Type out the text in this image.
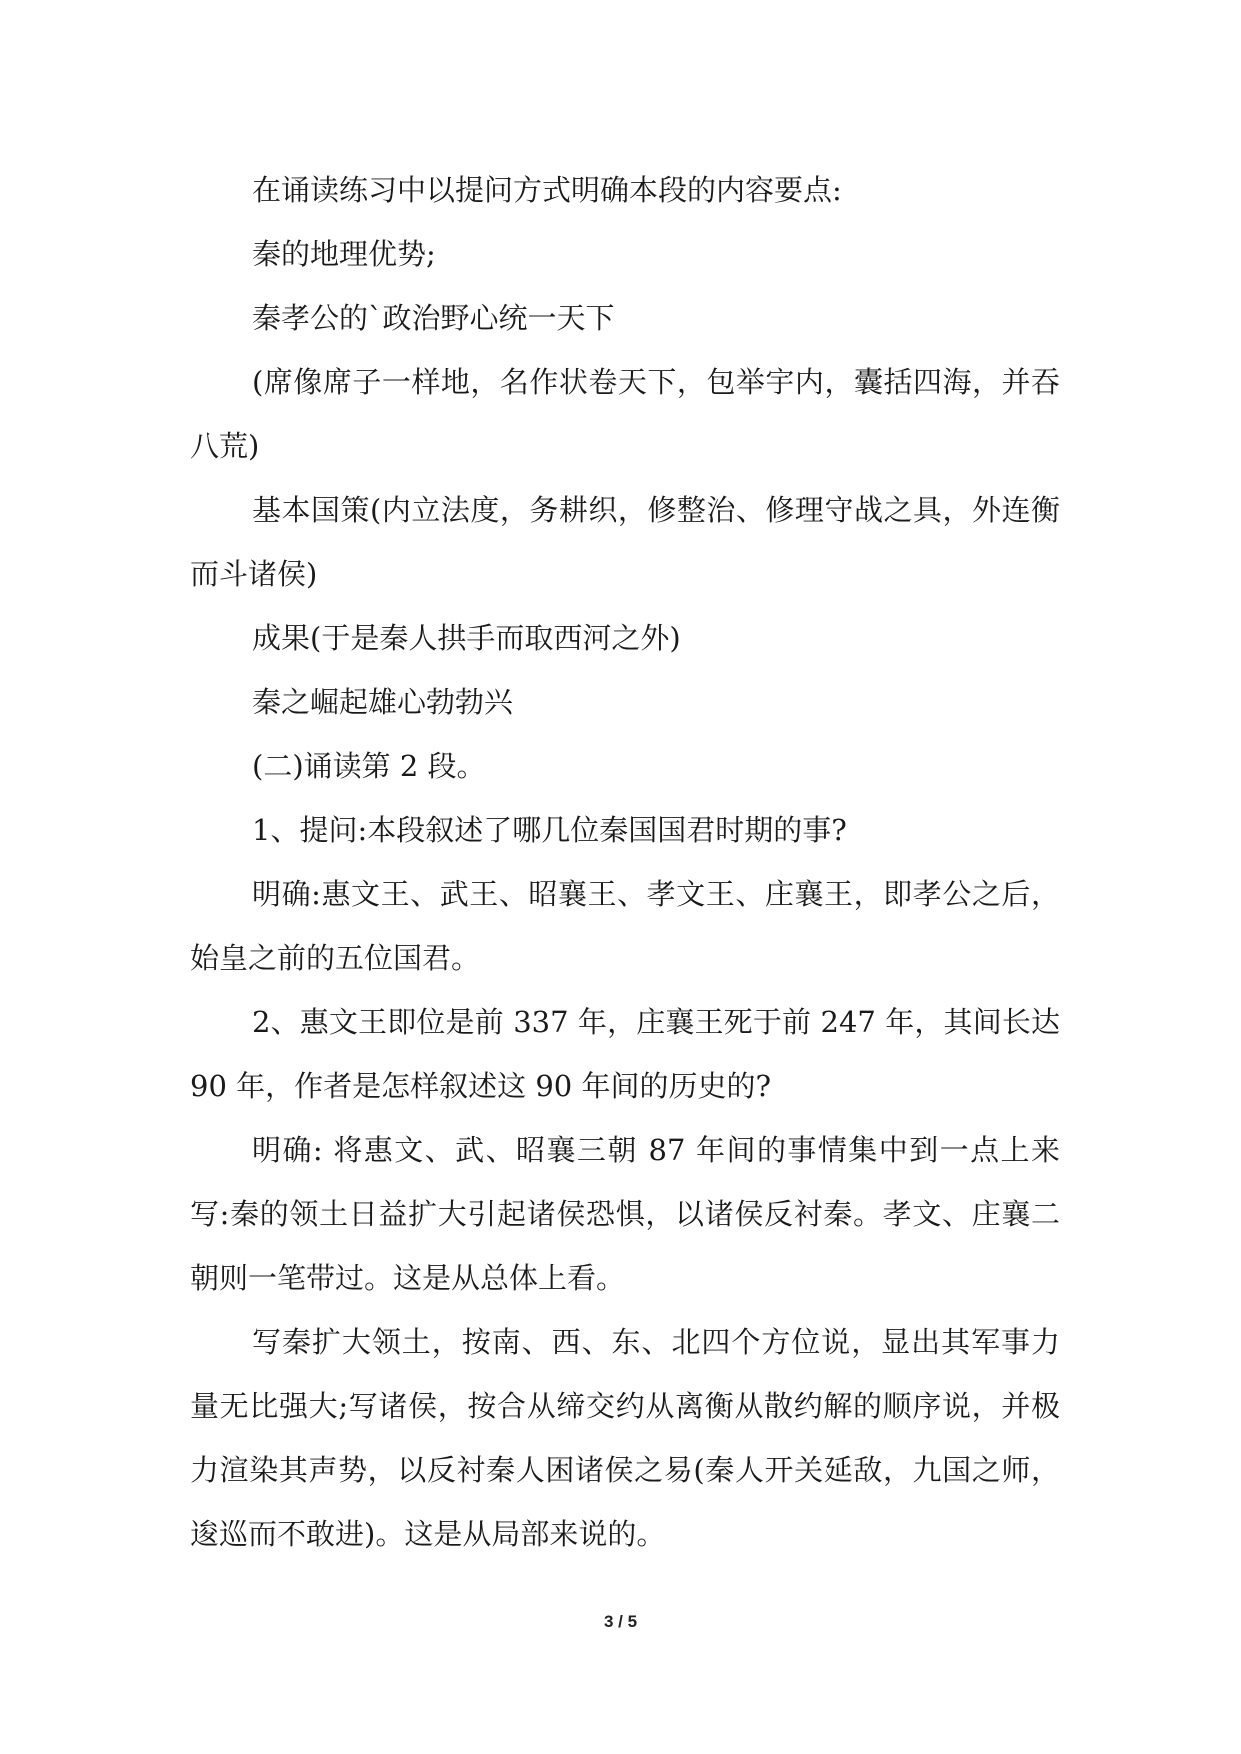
在诵读练习中以提问方式明确本段的内容要点:

秦的地理优势;

秦孝公的`政治野心统一天下

(席像席子一样地，名作状卷天下，包举宇内，囊括四海，并吞八荒)

基本国策(内立法度，务耕织，修整治、修理守战之具，外连衡而斗诸侯)

成果(于是秦人拱手而取西河之外)

秦之崛起雄心勃勃兴

(二)诵读第 2 段。

1、提问:本段叙述了哪几位秦国国君时期的事?

明确:惠文王、武王、昭襄王、孝文王、庄襄王，即孝公之后，始皇之前的五位国君。

2、惠文王即位是前 337 年，庄襄王死于前 247 年，其间长达 90 年，作者是怎样叙述这 90 年间的历史的?

明确: 将惠文、武、昭襄三朝 87 年间的事情集中到一点上来写:秦的领土日益扩大引起诸侯恐惧，以诸侯反衬秦。孝文、庄襄二朝则一笔带过。这是从总体上看。

写秦扩大领土，按南、西、东、北四个方位说，显出其军事力量无比强大;写诸侯，按合从缔交约从离衡从散约解的顺序说，并极力渲染其声势，以反衬秦人困诸侯之易(秦人开关延敌，九国之师，逡巡而不敢进)。这是从局部来说的。

3 / 5
